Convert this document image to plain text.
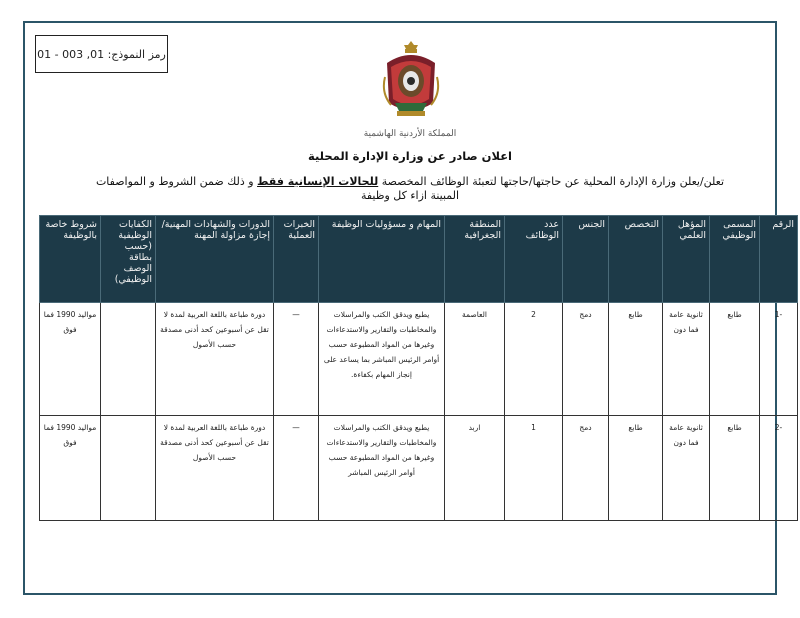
رمز النموذج: 01, 003 - 01
المملكة الأردنية الهاشمية
اعلان صادر عن وزارة الإدارة المحلية
تعلن/يعلن وزارة الإدارة المحلية عن حاجتها/حاجتها لتعبئة الوظائف المخصصة للحالات الإنسانية فقط و ذلك ضمن الشروط و المواصفات المبينة ازاء كل وظيفة
الرقم	المسمى الوظيفي	المؤهل العلمي	التخصص	الجنس	عدد الوظائف	المنطقة الجغرافية	المهام و مسؤوليات الوظيفة	الخبرات العملية	الدورات والشهادات المهنية/إجازة مزاولة المهنة	الكفايات الوظيفية (حسب بطاقة الوصف الوظيفي)	شروط خاصة بالوظيفة
-1	طابع	ثانوية عامة فما دون	طابع	دمج	2	العاصمة	يطبع ويدقق الكتب والمراسلات والمخاطبات والتقارير والاستدعاءات وغيرها من المواد المطبوعة حسب أوامر الرئيس المباشر بما يساعد على إنجاز المهام بكفاءة.	—	دورة طباعة باللغة العربية لمدة لا تقل عن أسبوعين كحد أدنى مصدقة حسب الأصول		مواليد 1990 فما فوق
-2	طابع	ثانوية عامة فما دون	طابع	دمج	1	اربد	يطبع ويدقق الكتب والمراسلات والمخاطبات والتقارير والاستدعاءات وغيرها من المواد المطبوعة حسب أوامر الرئيس المباشر	—	دورة طباعة باللغة العربية لمدة لا تقل عن أسبوعين كحد أدنى مصدقة حسب الأصول		مواليد 1990 فما فوق
